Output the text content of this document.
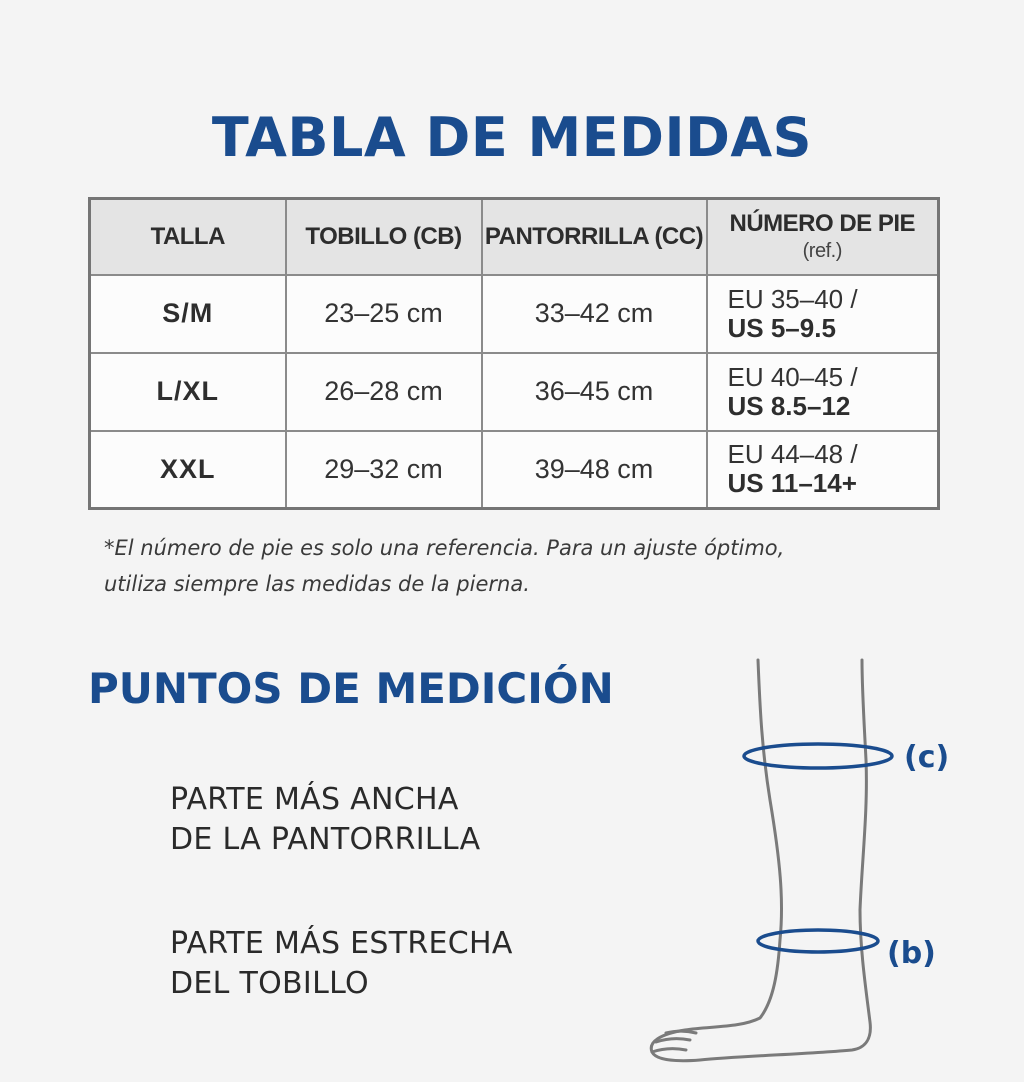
TABLA DE MEDIDAS
TALLA	TOBILLO (CB)	PANTORRILLA (CC)	NÚMERO DE PIE
(ref.)

S/M	23–25 cm	33–42 cm	EU 35–40 /
US 5–9.5

L/XL	26–28 cm	36–45 cm	EU 40–45 /
US 8.5–12

XXL	29–32 cm	39–48 cm	EU 44–48 /
US 11–14+
*El número de pie es solo una referencia. Para un ajuste óptimo,
utiliza siempre las medidas de la pierna.
PUNTOS DE MEDICIÓN
PARTE MÁS ANCHA
DE LA PANTORRILLA
PARTE MÁS ESTRECHA
DEL TOBILLO
(c)
(b)
